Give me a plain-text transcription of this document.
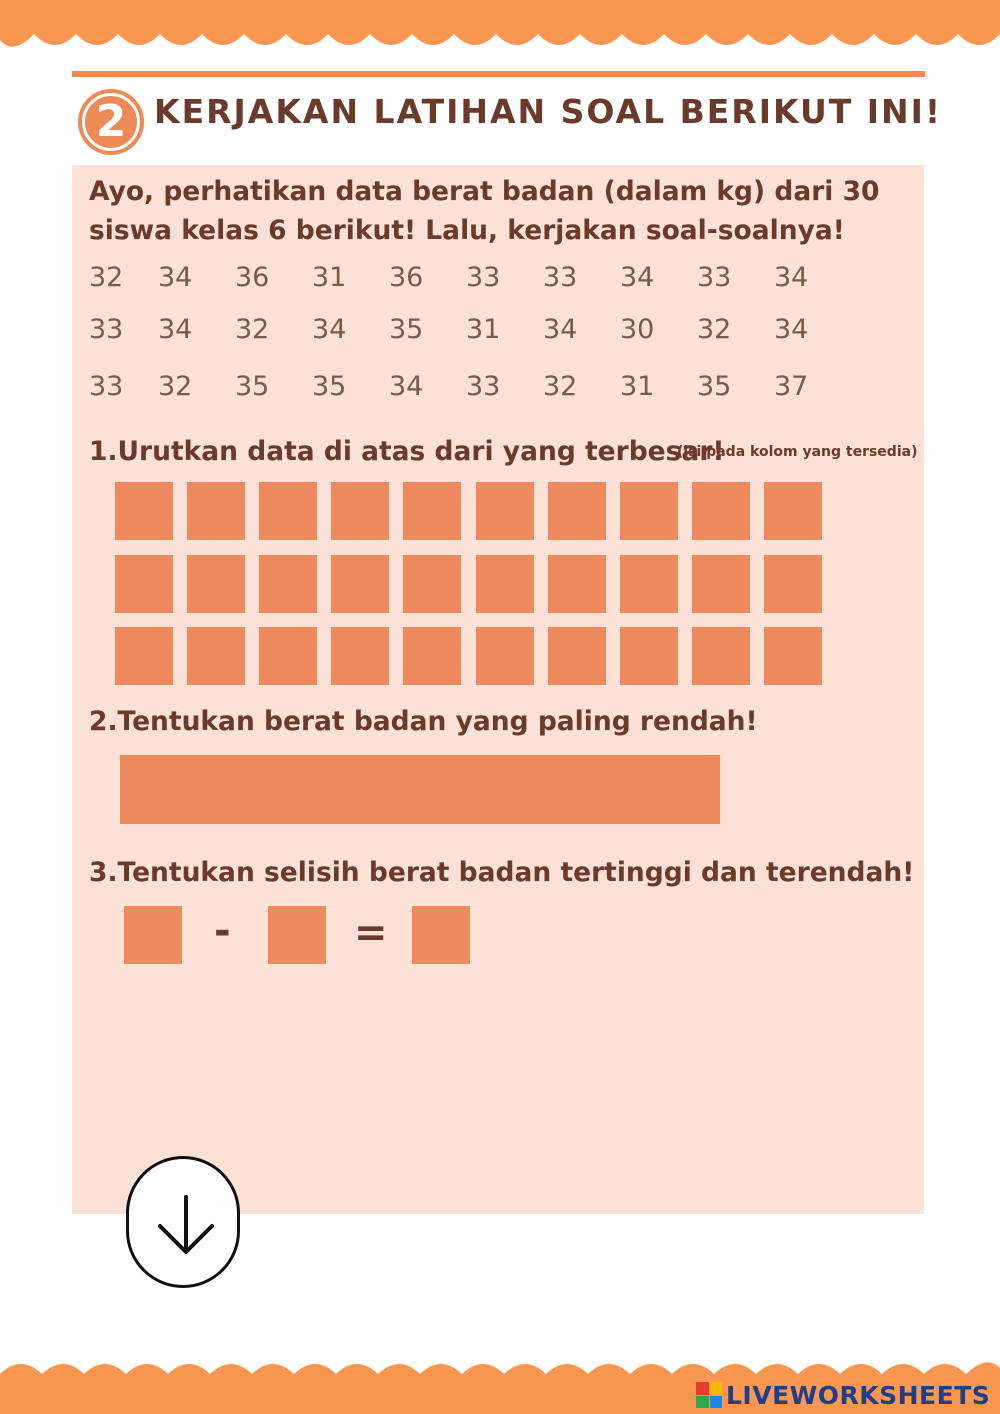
2 KERJAKAN LATIHAN SOAL BERIKUT INI!
Ayo, perhatikan data berat badan (dalam kg) dari 30
siswa kelas 6 berikut! Lalu, kerjakan soal-soalnya!
32	34	36	31	36	33	33	34	33	34
33	34	32	34	35	31	34	30	32	34
33	32	35	35	34	33	32	31	35	37
1.Urutkan data di atas dari yang terbesar!
(isi pada kolom yang tersedia)
2.Tentukan berat badan yang paling rendah!
3.Tentukan selisih berat badan tertinggi dan terendah!
-	=
LIVEWORKSHEETS
